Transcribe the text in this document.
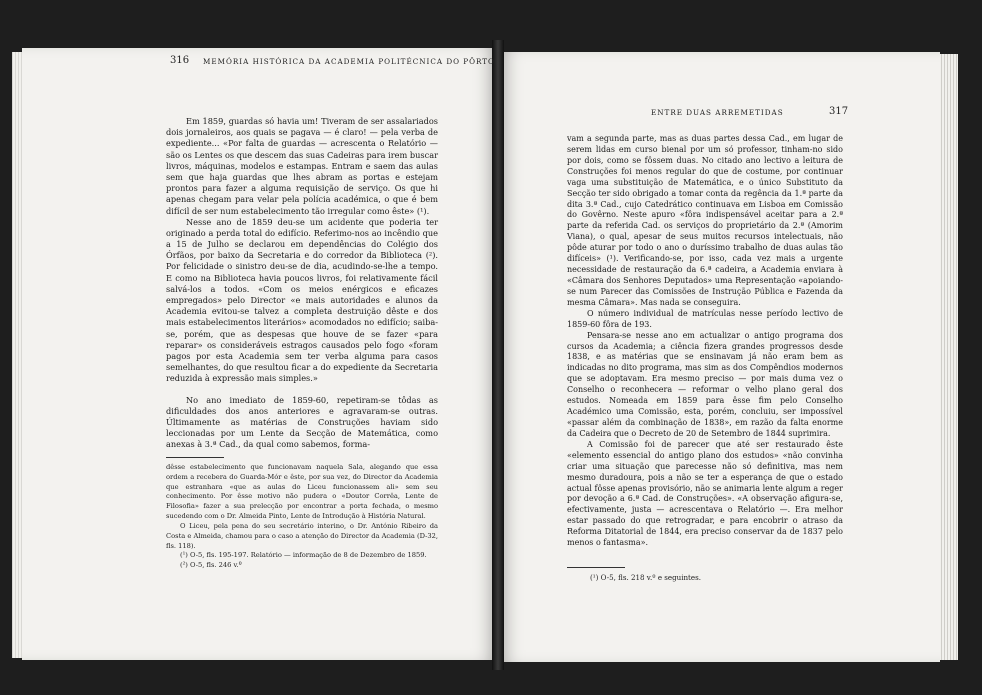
316 MEMÓRIA HISTÓRICA DA ACADEMIA POLITÉCNICA DO PÔRTO

Em 1859, guardas só havia um! Tiveram de ser assalariados dois jornaleiros, aos quais se pagava — é claro! — pela verba de expediente... «Por falta de guardas — acrescenta o Relatório — são os Lentes os que descem das suas Cadeiras para irem buscar livros, máquinas, modelos e estampas. Entram e saem das aulas sem que haja guardas que lhes abram as portas e estejam prontos para fazer a alguma requisição de serviço. Os que hi apenas chegam para velar pela polícia académica, o que é bem difícil de ser num estabelecimento tão irregular como êste» (¹).

Nesse ano de 1859 deu-se um acidente que poderia ter originado a perda total do edifício. Referimo-nos ao incêndio que a 15 de Julho se declarou em dependências do Colégio dos Órfãos, por baixo da Secretaria e do corredor da Biblioteca (²). Por felicidade o sinistro deu-se de dia, acudindo-se-lhe a tempo. E como na Biblioteca havia poucos livros, foi relativamente fácil salvá-los a todos. «Com os meios enérgicos e eficazes empregados» pelo Director «e mais autoridades e alunos da Academia evitou-se talvez a completa destruição dêste e dos mais estabelecimentos literários» acomodados no edifício; saiba-se, porém, que as despesas que houve de se fazer «para reparar» os consideráveis estragos causados pelo fogo «foram pagos por esta Academia sem ter verba alguma para casos semelhantes, do que resultou ficar a do expediente da Secretaria reduzida à expressão mais simples.»

No ano imediato de 1859-60, repetiram-se tôdas as dificuldades dos anos anteriores e agravaram-se outras. Últimamente as matérias de Construções haviam sido leccionadas por um Lente da Secção de Matemática, como anexas à 3.ª Cad., da qual como sabemos, forma-

dêsse estabelecimento que funcionavam naquela Sala, alegando que essa ordem a recebera do Guarda-Mór e êste, por sua vez, do Director da Academia que estranhara «que as aulas do Liceu funcionassem ali» sem seu conhecimento. Por êsse motivo não pudera o «Doutor Corrêa, Lente de Filosofia» fazer a sua prelecção por encontrar a porta fechada, o mesmo sucedendo com o Dr. Almeida Pinto, Lente de Introdução à História Natural.

O Liceu, pela pena do seu secretário interino, o Dr. António Ribeiro da Costa e Almeida, chamou para o caso a atenção do Director da Academia (D-32, fls. 118).

(¹) O-5, fls. 195-197. Relatório — informação de 8 de Dezembro de 1859.

(²) O-5, fls. 246 v.º

ENTRE DUAS ARREMETIDAS	317

vam a segunda parte, mas as duas partes dessa Cad., em lugar de serem lidas em curso bienal por um só professor, tinham-no sido por dois, como se fôssem duas. No citado ano lectivo a leitura de Construções foi menos regular do que de costume, por continuar vaga uma substituição de Matemática, e o único Substituto da Secção ter sido obrigado a tomar conta da regência da 1.ª parte da dita 3.ª Cad., cujo Catedrático continuava em Lisboa em Comissão do Govêrno. Neste apuro «fôra indispensável aceitar para a 2.ª parte da referida Cad. os serviços do proprietário da 2.ª (Amorim Viana), o qual, apesar de seus muitos recursos intelectuais, não pôde aturar por todo o ano o duríssimo trabalho de duas aulas tão difíceis» (¹). Verificando-se, por isso, cada vez mais a urgente necessidade de restauração da 6.ª cadeira, a Academia enviara à «Câmara dos Senhores Deputados» uma Representação «apoiando-se num Parecer das Comissões de Instrução Pública e Fazenda da mesma Câmara». Mas nada se conseguira.

O número individual de matrículas nesse período lectivo de 1859-60 fôra de 193.

Pensara-se nesse ano em actualizar o antigo programa dos cursos da Academia; a ciência fizera grandes progressos desde 1838, e as matérias que se ensinavam já não eram bem as indicadas no dito programa, mas sim as dos Compêndios modernos que se adoptavam. Era mesmo preciso — por mais duma vez o Conselho o reconhecera — reformar o velho plano geral dos estudos. Nomeada em 1859 para êsse fim pelo Conselho Académico uma Comissão, esta, porém, concluiu, ser impossível «passar além da combinação de 1838», em razão da falta enorme da Cadeira que o Decreto de 20 de Setembro de 1844 suprimira.

A Comissão foi de parecer que até ser restaurado êste «elemento essencial do antigo plano dos estudos» «não convinha criar uma situação que parecesse não só definitiva, mas nem mesmo duradoura, pois a não se ter a esperança de que o estado actual fôsse apenas provisório, não se animaria lente algum a reger por devoção a 6.ª Cad. de Construções». «A observação afigura-se, efectivamente, justa — acrescentava o Relatório —. Era melhor estar passado do que retrogradar, e para encobrir o atraso da Reforma Ditatorial de 1844, era preciso conservar da de 1837 pelo menos o fantasma».

(¹) O-5, fls. 218 v.º e seguintes.
